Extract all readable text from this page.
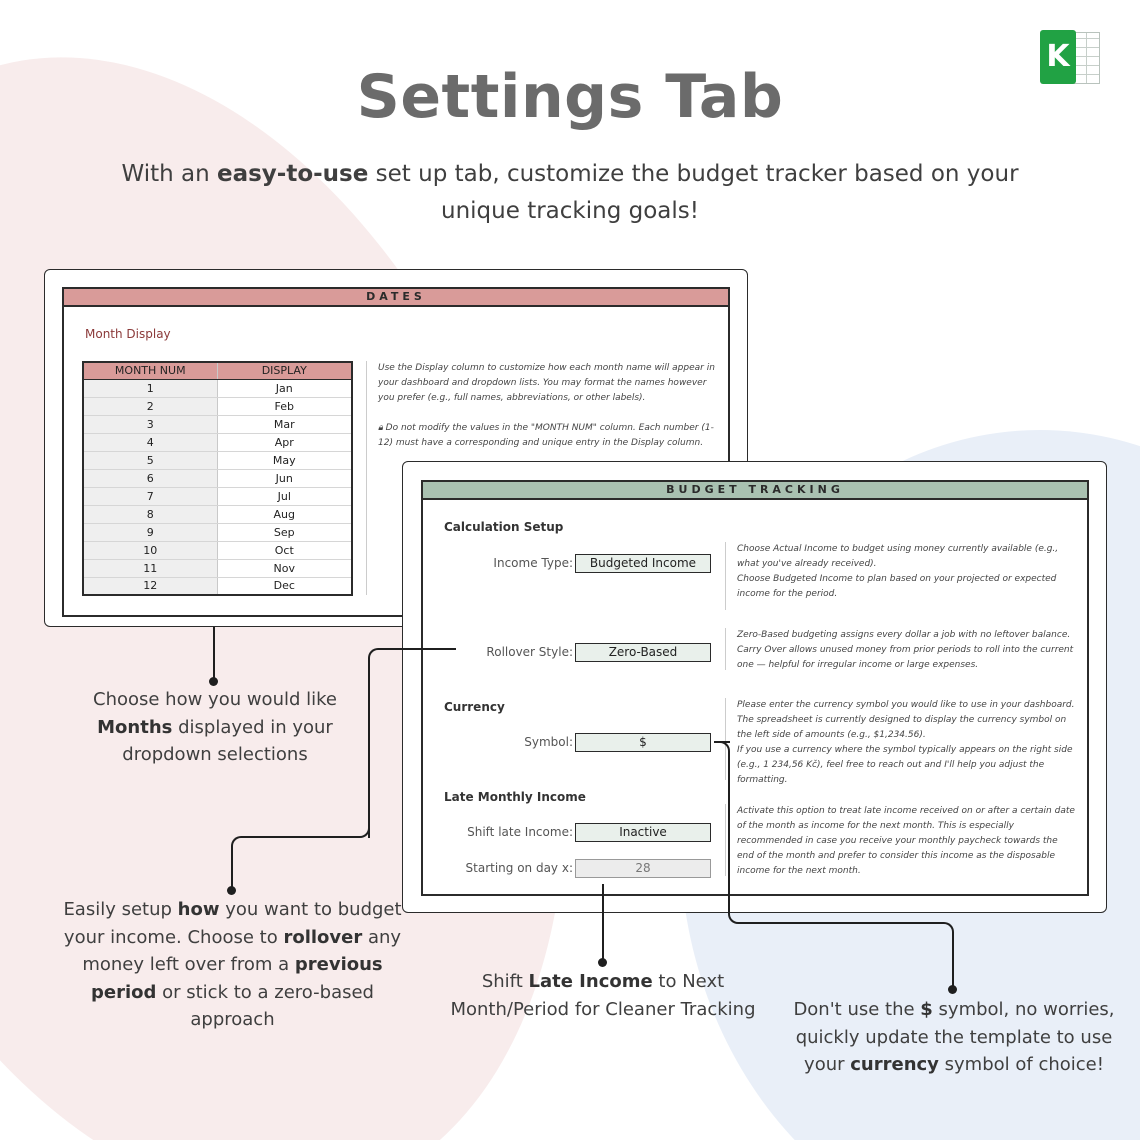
K
Settings Tab
With an easy-to-use set up tab, customize the budget tracker based on your unique tracking goals!
DATES
Month Display
MONTH NUM	DISPLAY
1	Jan
2	Feb
3	Mar
4	Apr
5	May
6	Jun
7	Jul
8	Aug
9	Sep
10	Oct
11	Nov
12	Dec
Use the Display column to customize how each month name will appear in your dashboard and dropdown lists. You may format the names however you prefer (e.g., full names, abbreviations, or other labels).
🔒︎ Do not modify the values in the "MONTH NUM" column. Each number (1-12) must have a corresponding and unique entry in the Display column.
BUDGET TRACKING
Calculation Setup
Income Type:	Budgeted Income
Choose Actual Income to budget using money currently available (e.g., what you've already received).
Choose Budgeted Income to plan based on your projected or expected income for the period.
Rollover Style:	Zero-Based
Zero-Based budgeting assigns every dollar a job with no leftover balance. Carry Over allows unused money from prior periods to roll into the current one — helpful for irregular income or large expenses.
Currency
Symbol:	$
Please enter the currency symbol you would like to use in your dashboard. The spreadsheet is currently designed to display the currency symbol on the left side of amounts (e.g., $1,234.56).
If you use a currency where the symbol typically appears on the right side (e.g., 1 234,56 Kč), feel free to reach out and I'll help you adjust the formatting.
Late Monthly Income
Shift late Income:	Inactive
Starting on day x:	28
Activate this option to treat late income received on or after a certain date of the month as income for the next month. This is especially recommended in case you receive your monthly paycheck towards the end of the month and prefer to consider this income as the disposable income for the next month.
Choose how you would like Months displayed in your dropdown selections
Easily setup how you want to budget your income. Choose to rollover any money left over from a previous period or stick to a zero-based approach
Shift Late Income to Next Month/Period for Cleaner Tracking	Don't use the $ symbol, no worries, quickly update the template to use your currency symbol of choice!
